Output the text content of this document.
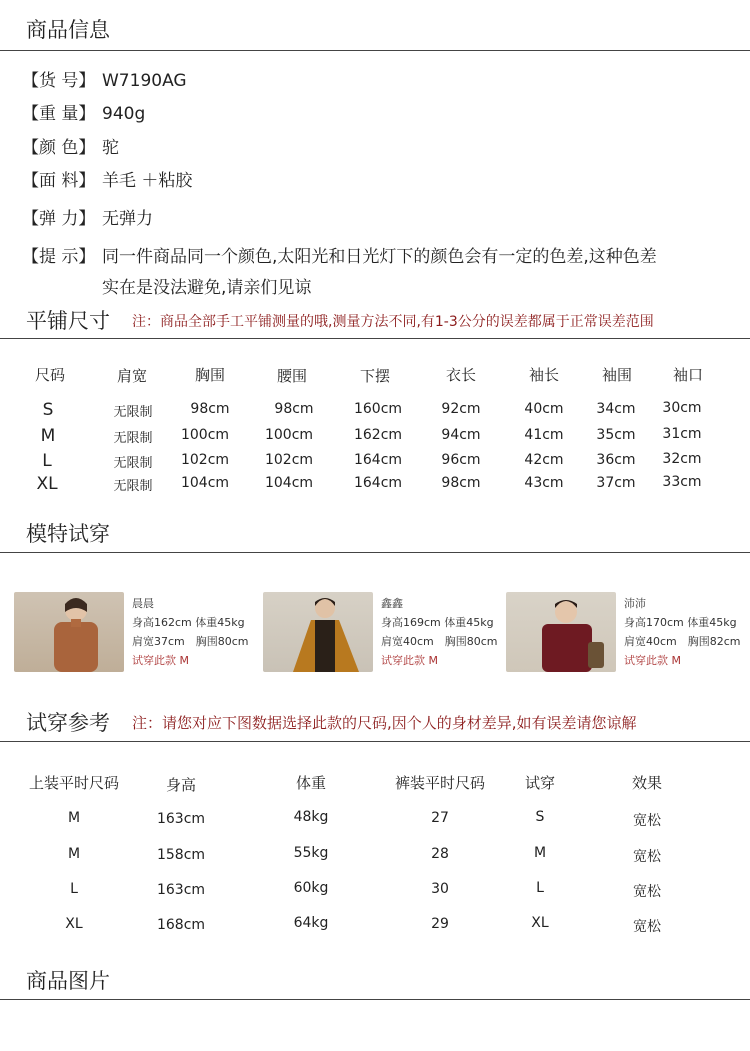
商品信息
【货 号】 W7190AG
【重 量】 940g
【颜 色】 驼
【面 料】 羊毛 ＋粘胶
【弹 力】 无弹力
【提 示】 同一件商品同一个颜色,太阳光和日光灯下的颜色会有一定的色差,这种色差
实在是没法避免,请亲们见谅
平铺尺寸 注：商品全部手工平铺测量的哦,测量方法不同,有1-3公分的误差都属于正常误差范围
尺码	肩宽	胸围	腰围	下摆	衣长	袖长	袖围	袖口
S	无限制	98cm	98cm	160cm	92cm	40cm 34cm 30cm
M	无限制 100cm	100cm	162cm	94cm	41cm 35cm 31cm
L	无限制 102cm	102cm	164cm	96cm	42cm 36cm 32cm
XL	无限制 104cm	104cm	164cm	98cm	43cm 37cm 33cm
模特试穿
晨晨
身高162cm 体重45kg
肩宽37cm　胸围80cm
试穿此款 M
鑫鑫
身高169cm 体重45kg
肩宽40cm　胸围80cm
试穿此款 M
沛沛
身高170cm 体重45kg
肩宽40cm　胸围82cm
试穿此款 M
试穿参考 注：请您对应下图数据选择此款的尺码,因个人的身材差异,如有误差请您谅解
上装平时尺码	身高	体重	裤装平时尺码	试穿	效果
M	163cm	48kg	27	S	宽松
M	158cm	55kg	28	M	宽松
L	163cm	60kg	30	L	宽松
XL	168cm	64kg	29	XL	宽松
商品图片
